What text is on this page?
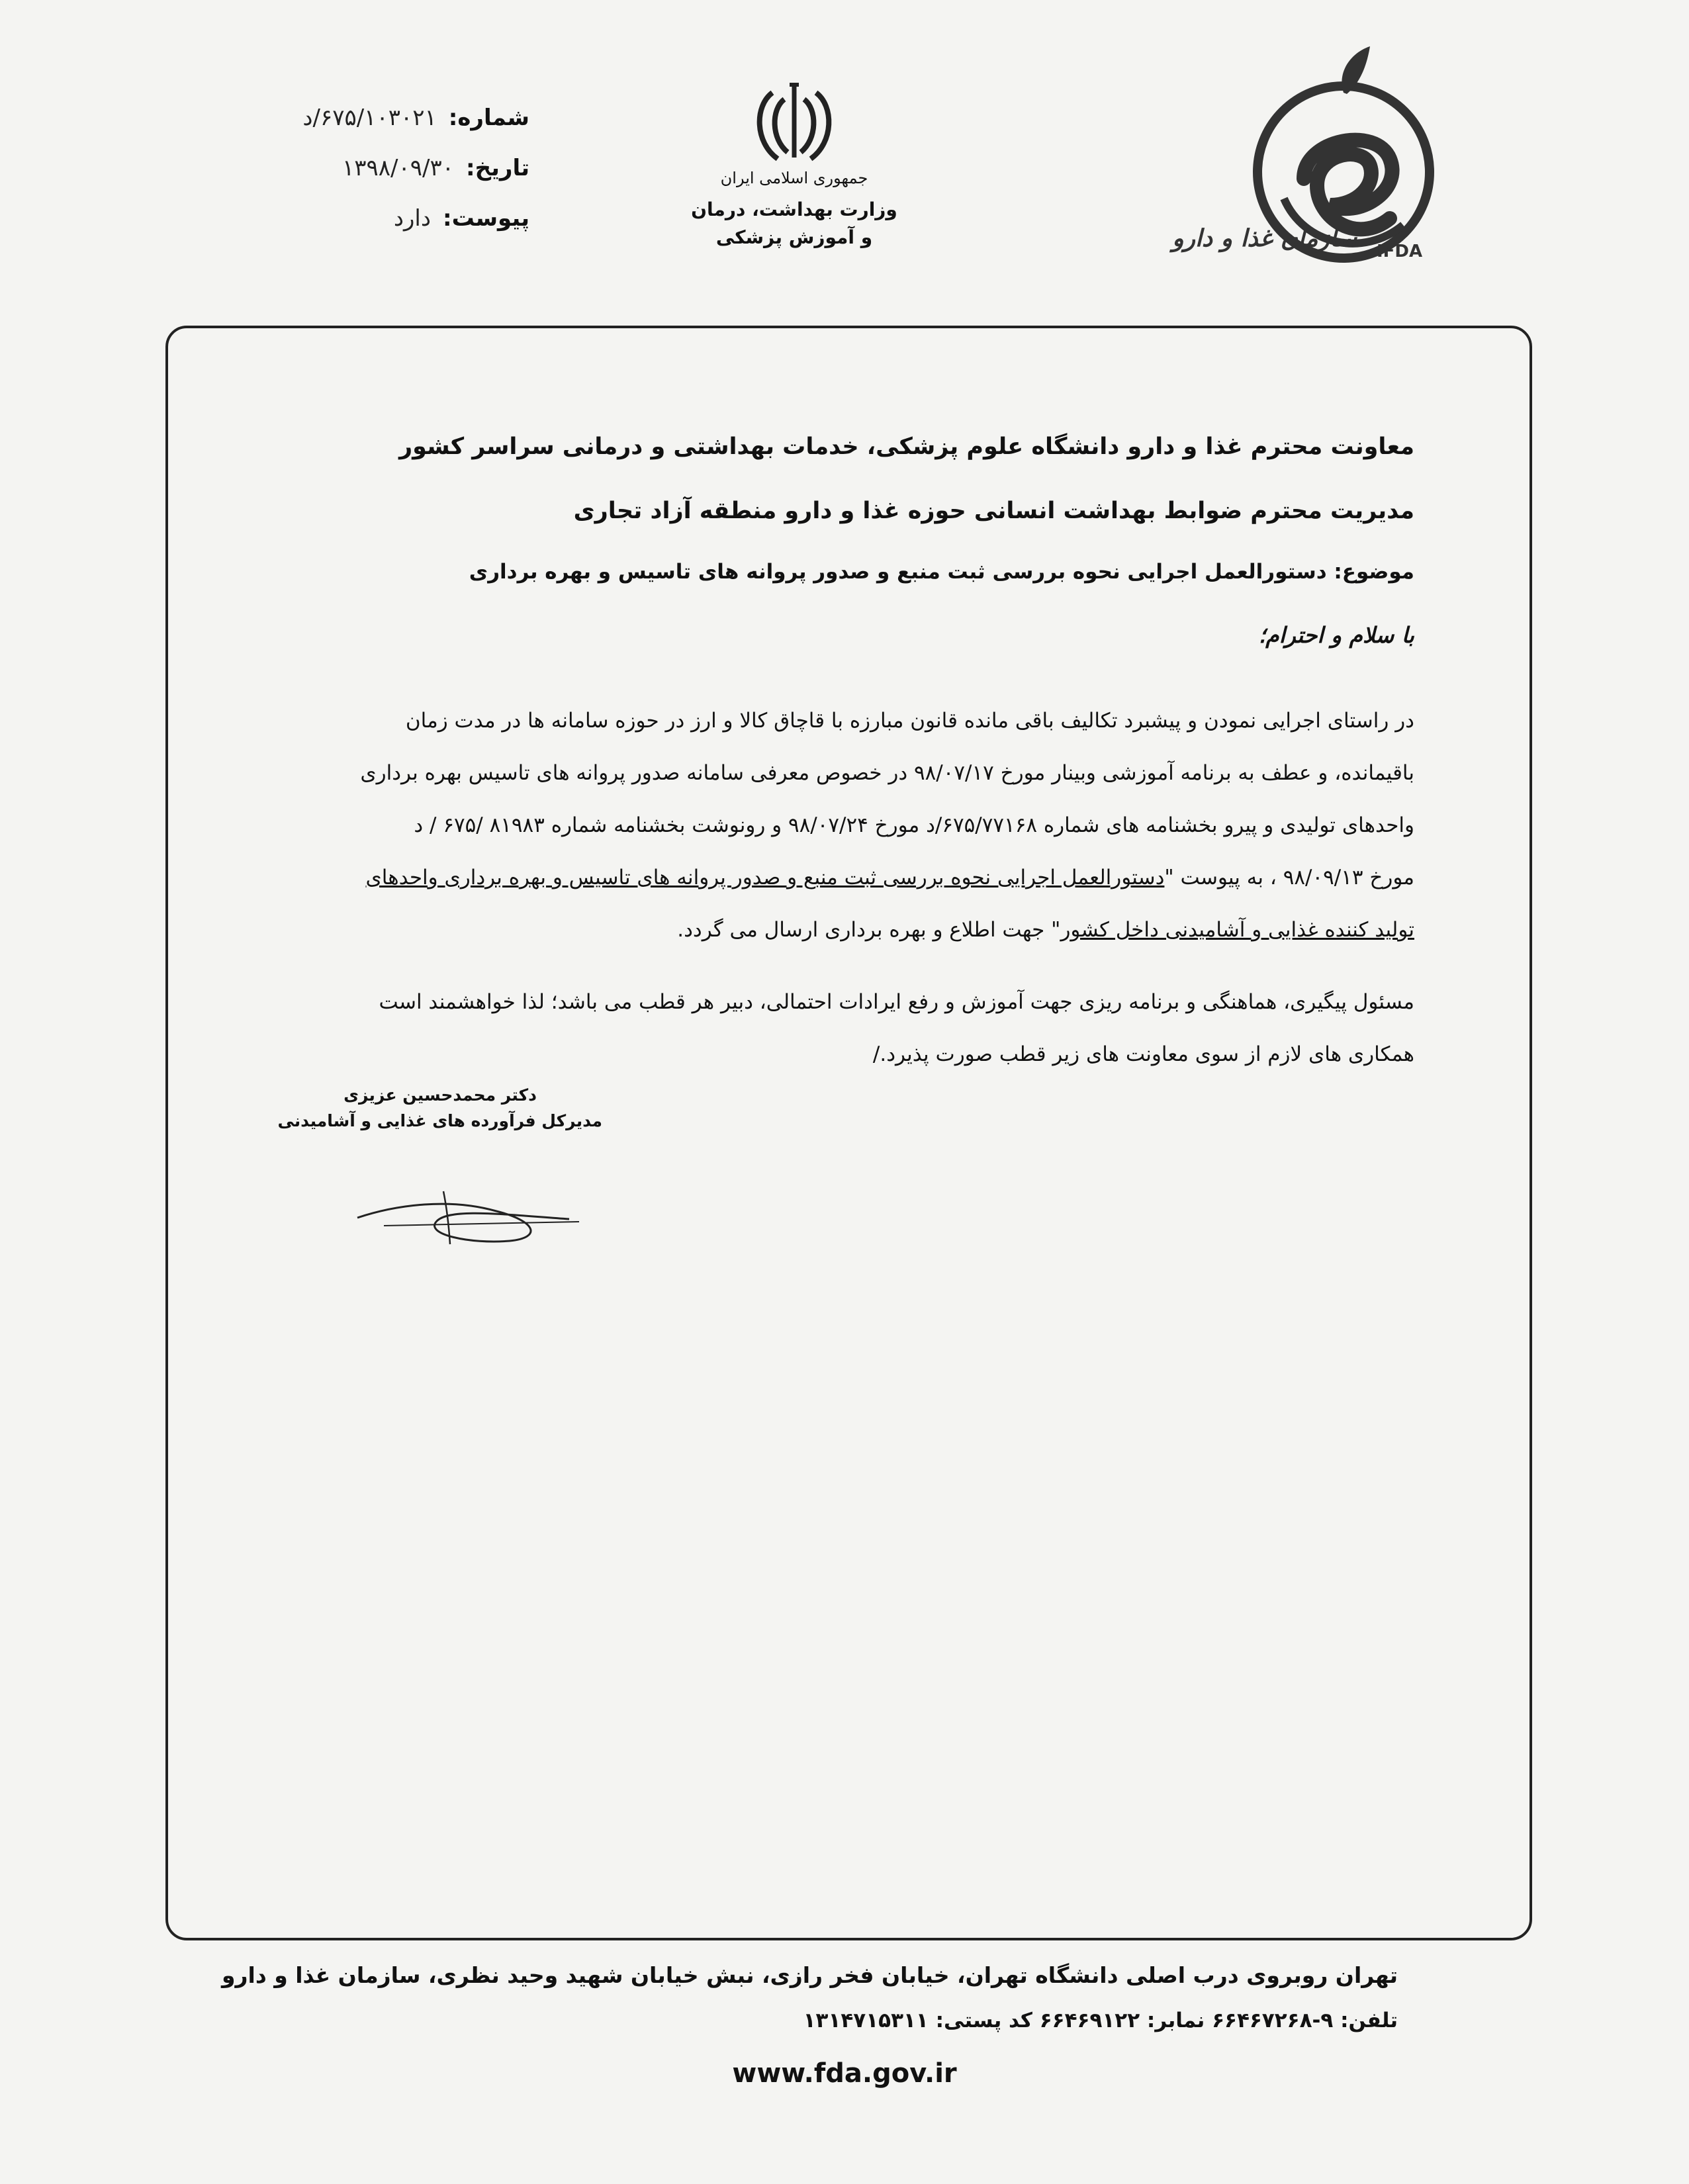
IFDA
سازمان غذا و دارو
جمهوری اسلامی ایران
وزارت بهداشت، درمان
و آموزش پزشکی
شماره:
۶۷۵/۱۰۳۰۲۱/د
تاریخ:
۱۳۹۸/۰۹/۳۰
پیوست:
دارد
معاونت محترم غذا و دارو دانشگاه علوم پزشکی، خدمات بهداشتی و درمانی سراسر کشور
مدیریت محترم ضوابط بهداشت انسانی حوزه غذا و دارو منطقه آزاد تجاری
موضوع: دستورالعمل اجرایی نحوه بررسی ثبت منبع و صدور پروانه های تاسیس و بهره برداری
با سلام و احترام؛
در راستای اجرایی نمودن و پیشبرد تکالیف باقی مانده قانون مبارزه با قاچاق کالا و ارز در حوزه سامانه ها در مدت زمان
باقیمانده، و عطف به برنامه آموزشی وبینار مورخ ۹۸/۰۷/۱۷ در خصوص معرفی سامانه صدور پروانه های تاسیس بهره برداری
واحدهای تولیدی و پیرو بخشنامه های شماره ۶۷۵/۷۷۱۶۸/د مورخ ۹۸/۰۷/۲۴ و رونوشت بخشنامه شماره ۸۱۹۸۳ /۶۷۵ / د
مورخ ۹۸/۰۹/۱۳ ، به پیوست "دستورالعمل اجرایی نحوه بررسی ثبت منبع و صدور پروانه های تاسیس و بهره برداری واحدهای
تولید کننده غذایی و آشامیدنی داخل کشور" جهت اطلاع و بهره برداری ارسال می گردد.
مسئول پیگیری، هماهنگی و برنامه ریزی جهت آموزش و رفع ایرادات احتمالی، دبیر هر قطب می باشد؛ لذا خواهشمند است
همکاری های لازم از سوی معاونت های زیر قطب صورت پذیرد./
دکتر محمدحسین عزیزی
مدیرکل فرآورده های غذایی و آشامیدنی
تهران روبروی درب اصلی دانشگاه تهران، خیابان فخر رازی، نبش خیابان شهید وحید نظری، سازمان غذا و دارو
تلفن: ۹-۶۶۴۶۷۲۶۸ نمابر: ۶۶۴۶۹۱۲۲ کد پستی: ۱۳۱۴۷۱۵۳۱۱
www.fda.gov.ir
